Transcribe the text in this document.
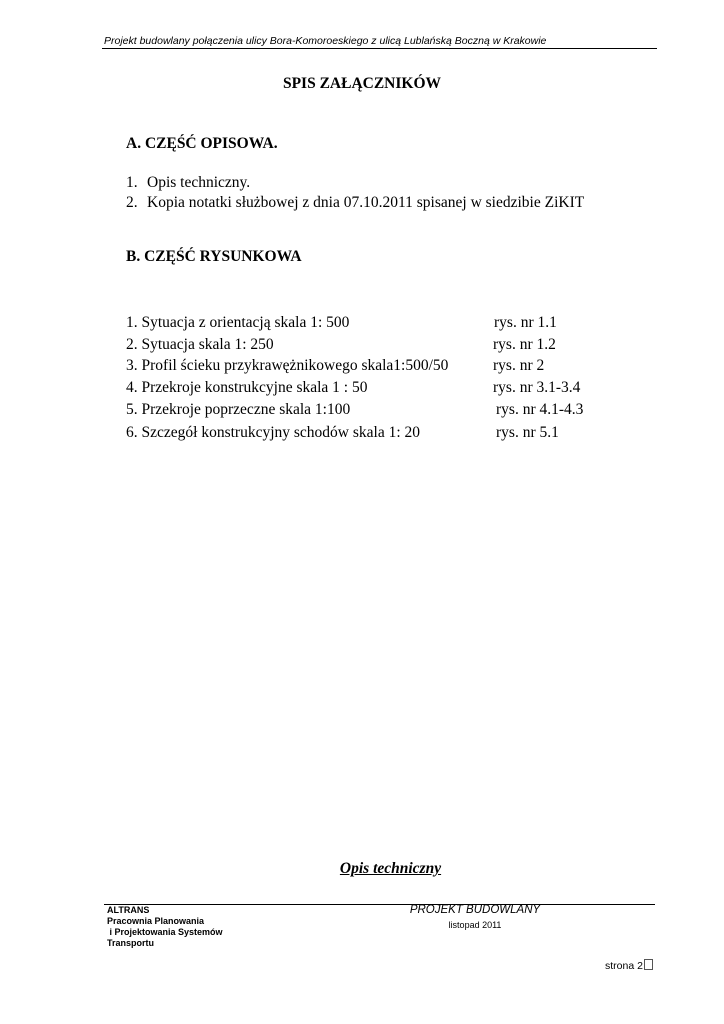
Projekt budowlany połączenia ulicy Bora-Komoroeskiego z ulicą Lublańską Boczną w Krakowie
SPIS ZAŁĄCZNIKÓW
A. CZĘŚĆ OPISOWA.
1. Opis techniczny.
2. Kopia notatki służbowej z dnia 07.10.2011 spisanej w siedzibie ZiKIT
B. CZĘŚĆ RYSUNKOWA
1. Sytuacja z orientacją skala 1: 500	rys. nr 1.1
2. Sytuacja skala 1: 250	rys. nr 1.2
3. Profil ścieku przykrawężnikowego skala1:500/50	rys. nr 2
4. Przekroje konstrukcyjne skala 1 : 50	rys. nr 3.1-3.4
5. Przekroje poprzeczne skala 1:100	rys. nr 4.1-4.3
6. Szczegół konstrukcyjny schodów skala 1: 20	rys. nr 5.1
Opis techniczny
ALTRANS
Pracownia Planowania
i Projektowania Systemów
Transportu
PROJEKT BUDOWLANY
listopad 2011
strona 2
